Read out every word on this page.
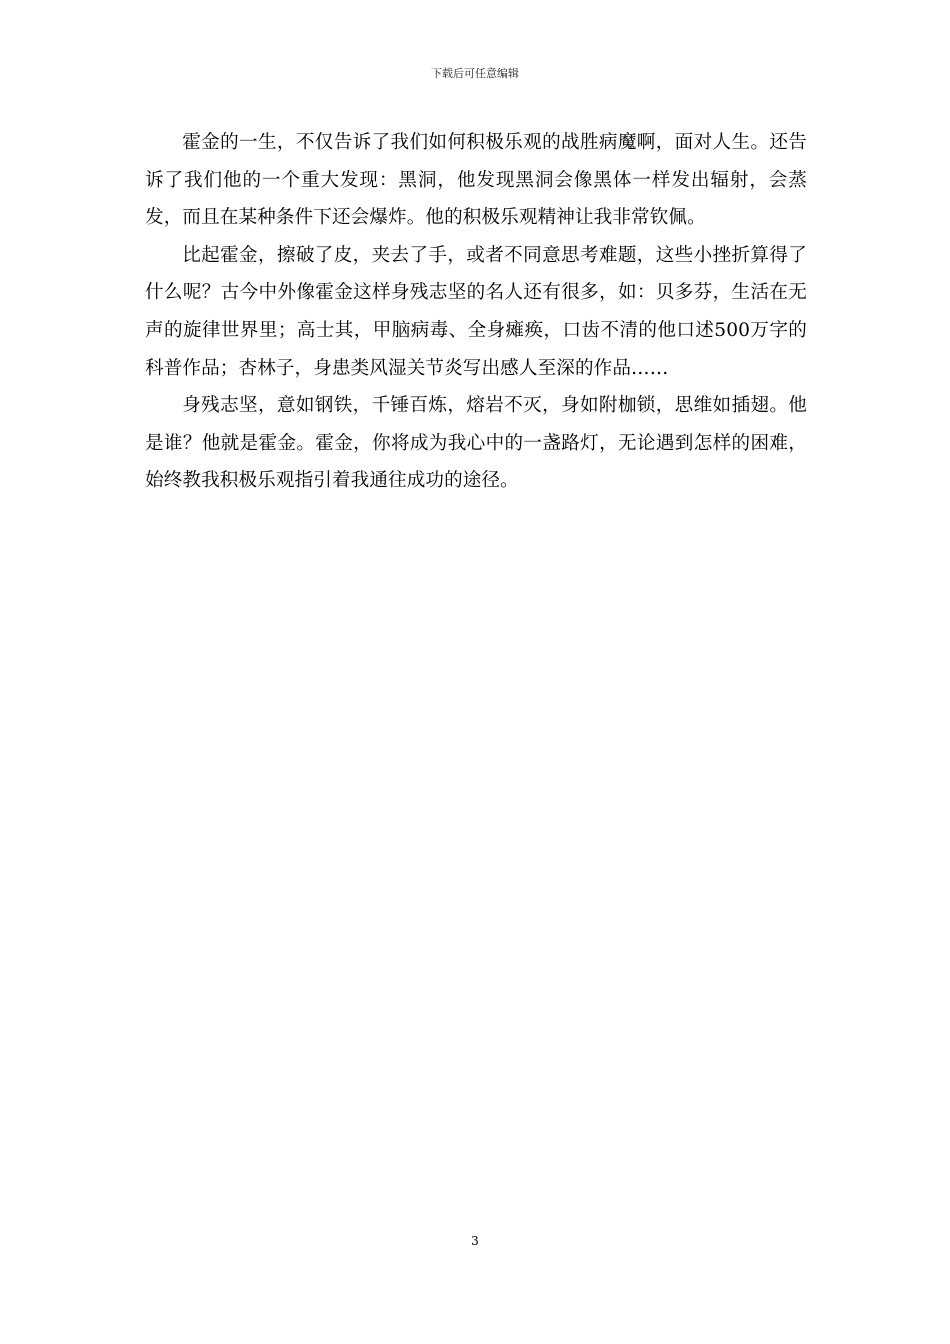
下载后可任意编辑

霍金的一生，不仅告诉了我们如何积极乐观的战胜病魔啊，面对人生。还告诉了我们他的一个重大发现：黑洞，他发现黑洞会像黑体一样发出辐射，会蒸发，而且在某种条件下还会爆炸。他的积极乐观精神让我非常钦佩。

比起霍金，擦破了皮，夹去了手，或者不同意思考难题，这些小挫折算得了什么呢？古今中外像霍金这样身残志坚的名人还有很多，如：贝多芬，生活在无声的旋律世界里；高士其，甲脑病毒、全身瘫痪，口齿不清的他口述500万字的科普作品；杏林子，身患类风湿关节炎写出感人至深的作品……

身残志坚，意如钢铁，千锤百炼，熔岩不灭，身如附枷锁，思维如插翅。他是谁？他就是霍金。霍金，你将成为我心中的一盏路灯，无论遇到怎样的困难，始终教我积极乐观指引着我通往成功的途径。

3
